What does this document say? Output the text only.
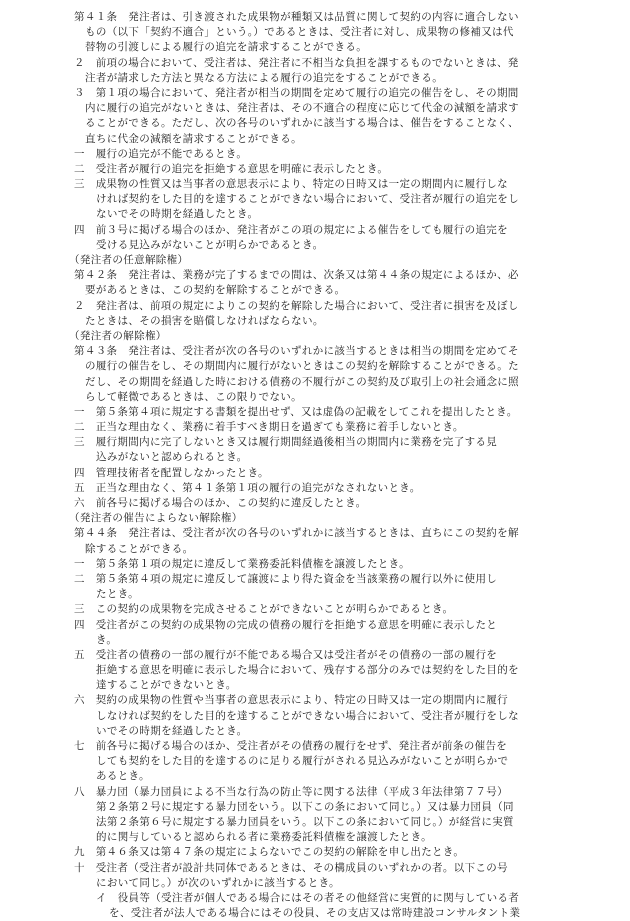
第４１条　発注者は、引き渡された成果物が種類又は品質に関して契約の内容に適合しない
もの（以下「契約不適合」という。）であるときは、受注者に対し、成果物の修補又は代
替物の引渡しによる履行の追完を請求することができる。
２　前項の場合において、受注者は、発注者に不相当な負担を課するものでないときは、発
注者が請求した方法と異なる方法による履行の追完をすることができる。
３　第１項の場合において、発注者が相当の期間を定めて履行の追完の催告をし、その期間
内に履行の追完がないときは、発注者は、その不適合の程度に応じて代金の減額を請求す
ることができる。ただし、次の各号のいずれかに該当する場合は、催告をすることなく、
直ちに代金の減額を請求することができる。
一　履行の追完が不能であるとき。
二　受注者が履行の追完を拒絶する意思を明確に表示したとき。
三　成果物の性質又は当事者の意思表示により、特定の日時又は一定の期間内に履行しな
ければ契約をした目的を達することができない場合において、受注者が履行の追完をし
ないでその時期を経過したとき。
四　前３号に掲げる場合のほか、発注者がこの項の規定による催告をしても履行の追完を
受ける見込みがないことが明らかであるとき。
（発注者の任意解除権）
第４２条　発注者は、業務が完了するまでの間は、次条又は第４４条の規定によるほか、必
要があるときは、この契約を解除することができる。
２　発注者は、前項の規定によりこの契約を解除した場合において、受注者に損害を及ぼし
たときは、その損害を賠償しなければならない。
（発注者の解除権）
第４３条　発注者は、受注者が次の各号のいずれかに該当するときは相当の期間を定めてそ
の履行の催告をし、その期間内に履行がないときはこの契約を解除することができる。た
だし、その期間を経過した時における債務の不履行がこの契約及び取引上の社会通念に照
らして軽微であるときは、この限りでない。
一　第５条第４項に規定する書類を提出せず、又は虚偽の記載をしてこれを提出したとき。
二　正当な理由なく、業務に着手すべき期日を過ぎても業務に着手しないとき。
三　履行期間内に完了しないとき又は履行期間経過後相当の期間内に業務を完了する見
込みがないと認められるとき。
四　管理技術者を配置しなかったとき。
五　正当な理由なく、第４１条第１項の履行の追完がなされないとき。
六　前各号に掲げる場合のほか、この契約に違反したとき。
（発注者の催告によらない解除権）
第４４条　発注者は、受注者が次の各号のいずれかに該当するときは、直ちにこの契約を解
除することができる。
一　第５条第１項の規定に違反して業務委託料債権を譲渡したとき。
二　第５条第４項の規定に違反して譲渡により得た資金を当該業務の履行以外に使用し
たとき。
三　この契約の成果物を完成させることができないことが明らかであるとき。
四　受注者がこの契約の成果物の完成の債務の履行を拒絶する意思を明確に表示したと
き。
五　受注者の債務の一部の履行が不能である場合又は受注者がその債務の一部の履行を
拒絶する意思を明確に表示した場合において、残存する部分のみでは契約をした目的を
達することができないとき。
六　契約の成果物の性質や当事者の意思表示により、特定の日時又は一定の期間内に履行
しなければ契約をした目的を達することができない場合において、受注者が履行をしな
いでその時期を経過したとき。
七　前各号に掲げる場合のほか、受注者がその債務の履行をせず、発注者が前条の催告を
しても契約をした目的を達するのに足りる履行がされる見込みがないことが明らかで
あるとき。
八　暴力団（暴力団員による不当な行為の防止等に関する法律（平成３年法律第７７号）
第２条第２号に規定する暴力団をいう。以下この条において同じ。）又は暴力団員（同
法第２条第６号に規定する暴力団員をいう。以下この条において同じ。）が経営に実質
的に関与していると認められる者に業務委託料債権を譲渡したとき。
九　第４６条又は第４７条の規定によらないでこの契約の解除を申し出たとき。
十　受注者（受注者が設計共同体であるときは、その構成員のいずれかの者。以下この号
において同じ。）が次のいずれかに該当するとき。
イ　役員等（受注者が個人である場合にはその者その他経営に実質的に関与している者
を、受注者が法人である場合にはその役員、その支店又は常時建設コンサルタント業
